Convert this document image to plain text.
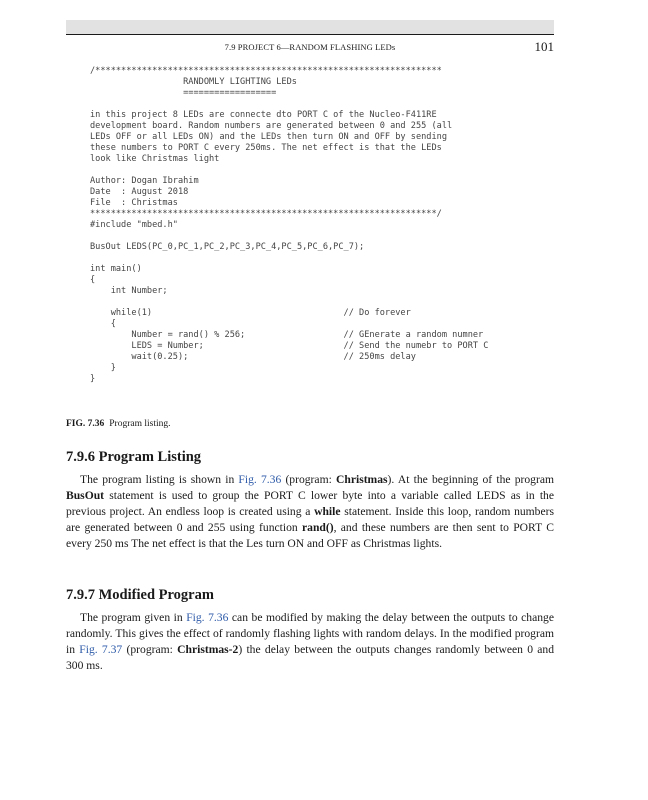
7.9 PROJECT 6—RANDOM FLASHING LEDs	101
/*******************************************************************
RANDOMLY LIGHTING LEDs
==================
in this project 8 LEDs are connecte dto PORT C of the Nucleo-F411RE
development board. Random numbers are generated between 0 and 255 (all
LEDs OFF or all LEDs ON) and the LEDs then turn ON and OFF by sending
these numbers to PORT C every 250ms. The net effect is that the LEDs
look like Christmas light
Author: Dogan Ibrahim
Date  : August 2018
File  : Christmas
*******************************************************************/
#include "mbed.h"
BusOut LEDS(PC_0,PC_1,PC_2,PC_3,PC_4,PC_5,PC_6,PC_7);
int main()
{
int Number;
while(1)                                     // Do forever
{
Number = rand() % 256;                   // GEnerate a random numner
LEDS = Number;                           // Send the numebr to PORT C
wait(0.25);                              // 250ms delay
}
}
FIG. 7.36 Program listing.
7.9.6 Program Listing

The program listing is shown in Fig. 7.36 (program: Christmas). At the beginning of the program BusOut statement is used to group the PORT C lower byte into a variable called LEDS as in the previous project. An endless loop is created using a while statement. Inside this loop, random numbers are generated between 0 and 255 using function rand(), and these numbers are then sent to PORT C every 250 ms The net effect is that the Les turn ON and OFF as Christmas lights.

7.9.7 Modified Program

The program given in Fig. 7.36 can be modified by making the delay between the outputs to change randomly. This gives the effect of randomly flashing lights with random delays. In the modified program in Fig. 7.37 (program: Christmas-2) the delay between the outputs changes randomly between 0 and 300 ms.
